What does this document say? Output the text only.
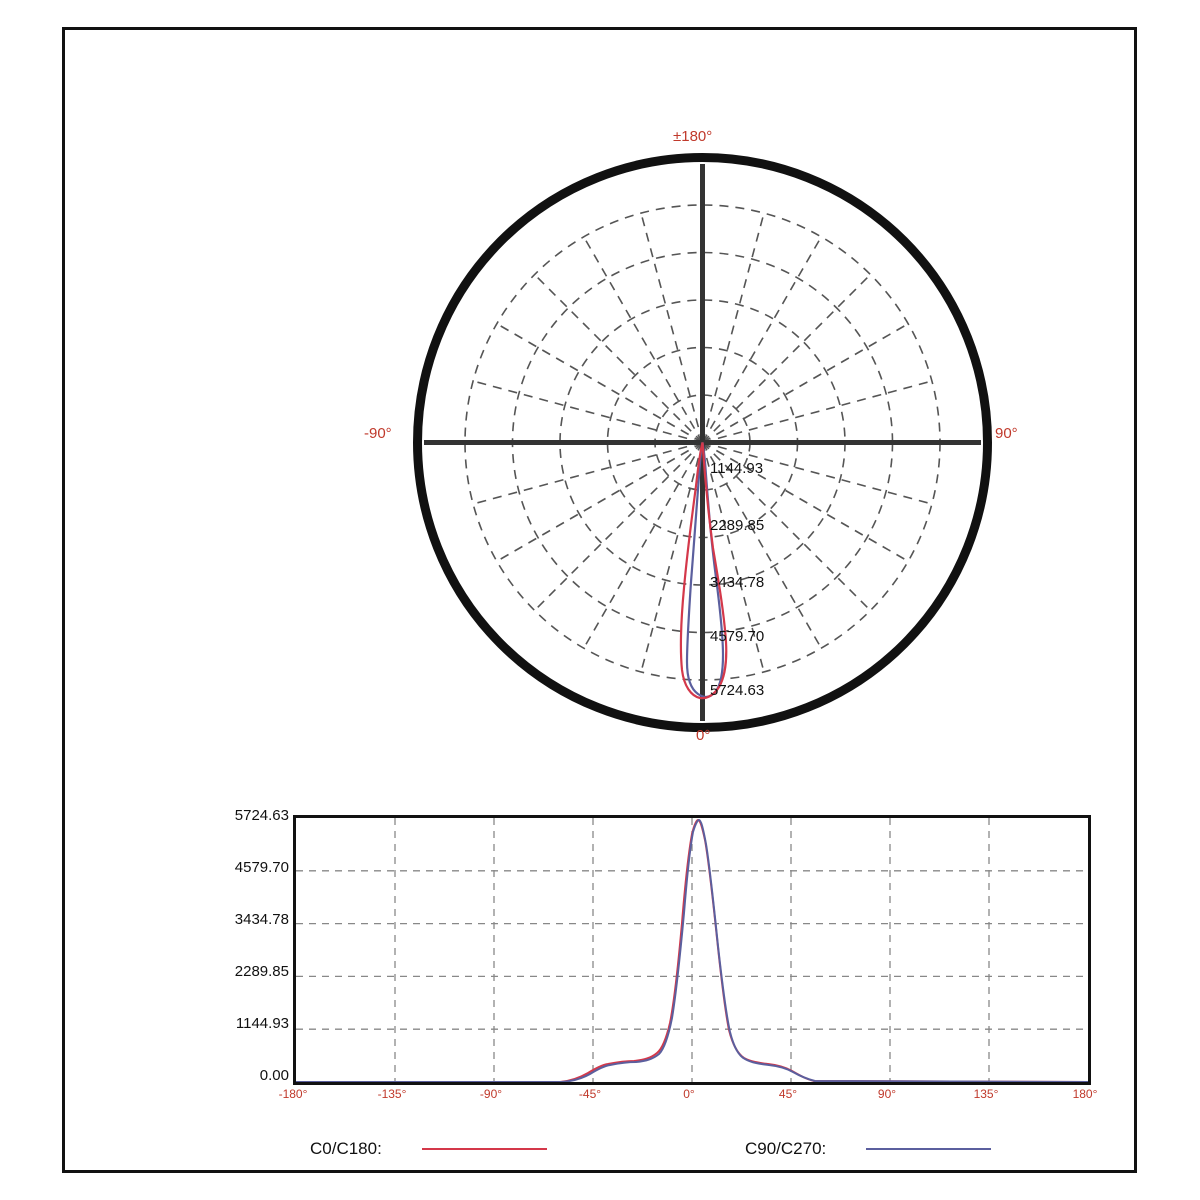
±180°
0°
-90°	90°
1144.93
2289.85
3434.78
4579.70
5724.63
5724.63
4579.70
3434.78
2289.85
1144.93
0.00
-180°	-135°	-90°	-45°	0°	45°	90°	135°	180°
C0/C180:	C90/C270:
